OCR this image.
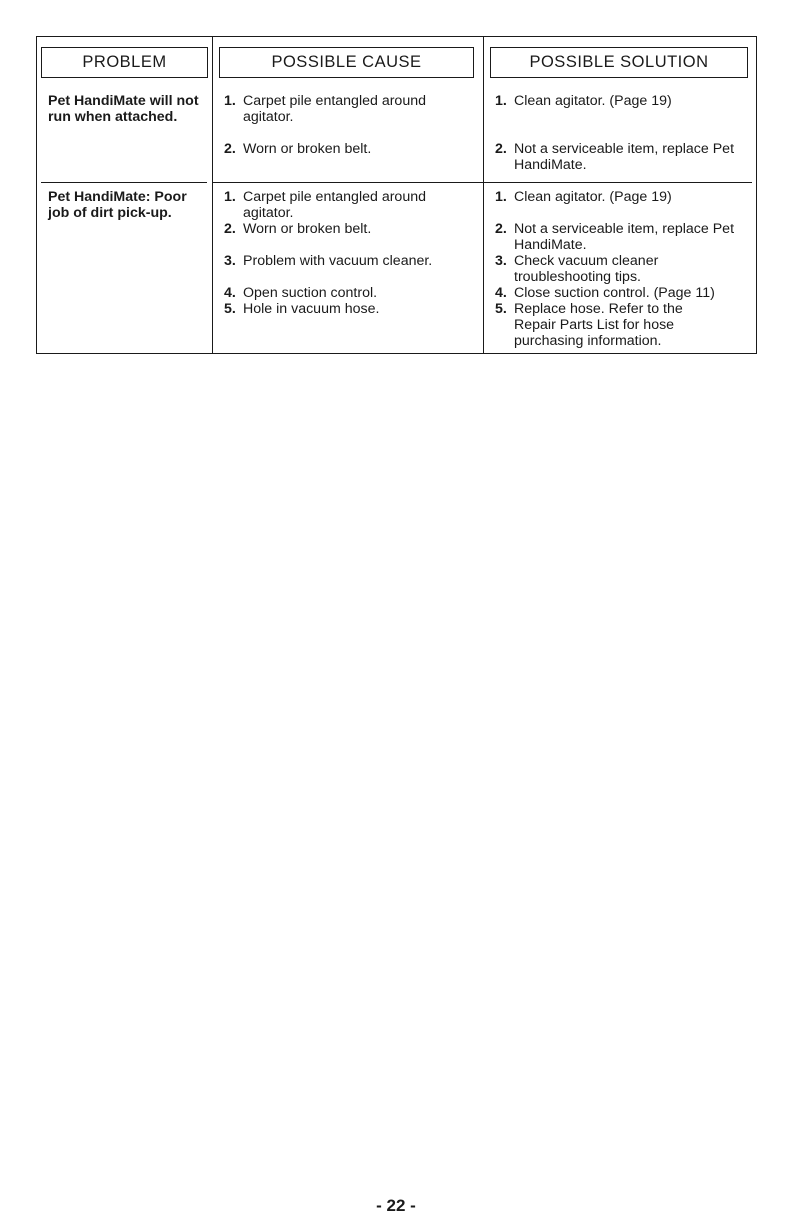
PROBLEM	POSSIBLE CAUSE	POSSIBLE SOLUTION
Pet HandiMate will not run when attached.
1. Carpet pile entangled around agitator.
2. Worn or broken belt.
1. Clean agitator. (Page 19)
2. Not a serviceable item, replace Pet HandiMate.
Pet HandiMate: Poor job of dirt pick-up.
1. Carpet pile entangled around agitator.
2. Worn or broken belt.
3. Problem with vacuum cleaner.
4. Open suction control.
5. Hole in vacuum hose.
1. Clean agitator. (Page 19)
2. Not a serviceable item, replace Pet HandiMate.
3. Check vacuum cleaner troubleshooting tips.
4. Close suction control. (Page 11)
5. Replace hose. Refer to the Repair Parts List for hose purchasing information.
- 22 -
